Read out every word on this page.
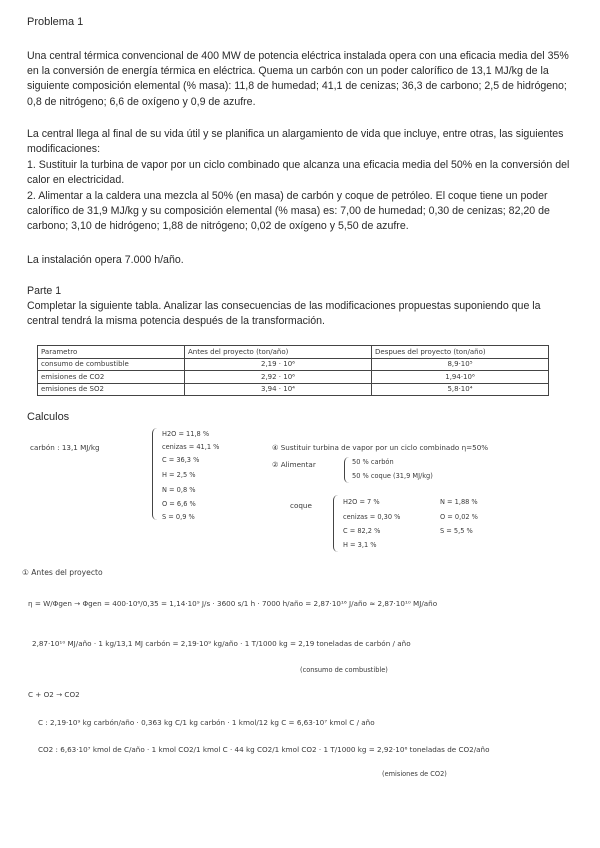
Problema 1

Una central térmica convencional de 400 MW de potencia eléctrica instalada opera con una eficacia media del 35% en la conversión de energía térmica en eléctrica. Quema un carbón con un poder calorífico de 13,1 MJ/kg de la siguiente composición elemental (% masa): 11,8 de humedad; 41,1 de cenizas; 36,3 de carbono; 2,5 de hidrógeno; 0,8 de nitrógeno; 6,6 de oxígeno y 0,9 de azufre.

La central llega al final de su vida útil y se planifica un alargamiento de vida que incluye, entre otras, las siguientes modificaciones:

1. Sustituir la turbina de vapor por un ciclo combinado que alcanza una eficacia media del 50% en la conversión del calor en electricidad.

2. Alimentar a la caldera una mezcla al 50% (en masa) de carbón y coque de petróleo. El coque tiene un poder calorífico de 31,9 MJ/kg y su composición elemental (% masa) es: 7,00 de humedad; 0,30 de cenizas; 82,20 de carbono; 3,10 de hidrógeno; 1,88 de nitrógeno; 0,02 de oxígeno y 5,50 de azufre.

La instalación opera 7.000 h/año.

Parte 1

Completar la siguiente tabla. Analizar las consecuencias de las modificaciones propuestas suponiendo que la central tendrá la misma potencia después de la transformación.

Parametro	Antes del proyecto (ton/año)	Despues del proyecto (ton/año)
consumo de combustible	2,19 · 10⁶	8,9·10⁵
emisiones de CO2	2,92 · 10⁶	1,94·10⁶
emisiones de SO2	3,94 · 10⁴	5,8·10⁴

Calculos

carbón : 13,1 MJ/kg
H2O = 11,8 %
cenizas = 41,1 %
C = 36,3 %
H = 2,5 %
N = 0,8 %
O = 6,6 %
S = 0,9 %
④ Sustituir turbina de vapor por un ciclo combinado η=50%
② Alimentar	50 % carbón
50 % coque (31,9 MJ/kg)
coque	H2O = 7 %
cenizas = 0,30 %
C = 82,2 %
H = 3,1 %
N = 1,88 %
O = 0,02 %
S = 5,5 %
① Antes del proyecto
η = W/Φgen → Φgen = 400·10⁶/0,35 = 1,14·10⁹ J/s · 3600 s/1 h · 7000 h/año = 2,87·10¹⁶ J/año ≈ 2,87·10¹⁰ MJ/año
2,87·10¹⁰ MJ/año · 1 kg/13,1 MJ carbón = 2,19·10⁹ kg/año · 1 T/1000 kg = 2,19 toneladas de carbón / año
(consumo de combustible)
C + O2 → CO2
C : 2,19·10⁹ kg carbón/año · 0,363 kg C/1 kg carbón · 1 kmol/12 kg C = 6,63·10⁷ kmol C / año
CO2 : 6,63·10⁷ kmol de C/año · 1 kmol CO2/1 kmol C · 44 kg CO2/1 kmol CO2 · 1 T/1000 kg = 2,92·10⁶ toneladas de CO2/año
(emisiones de CO2)
